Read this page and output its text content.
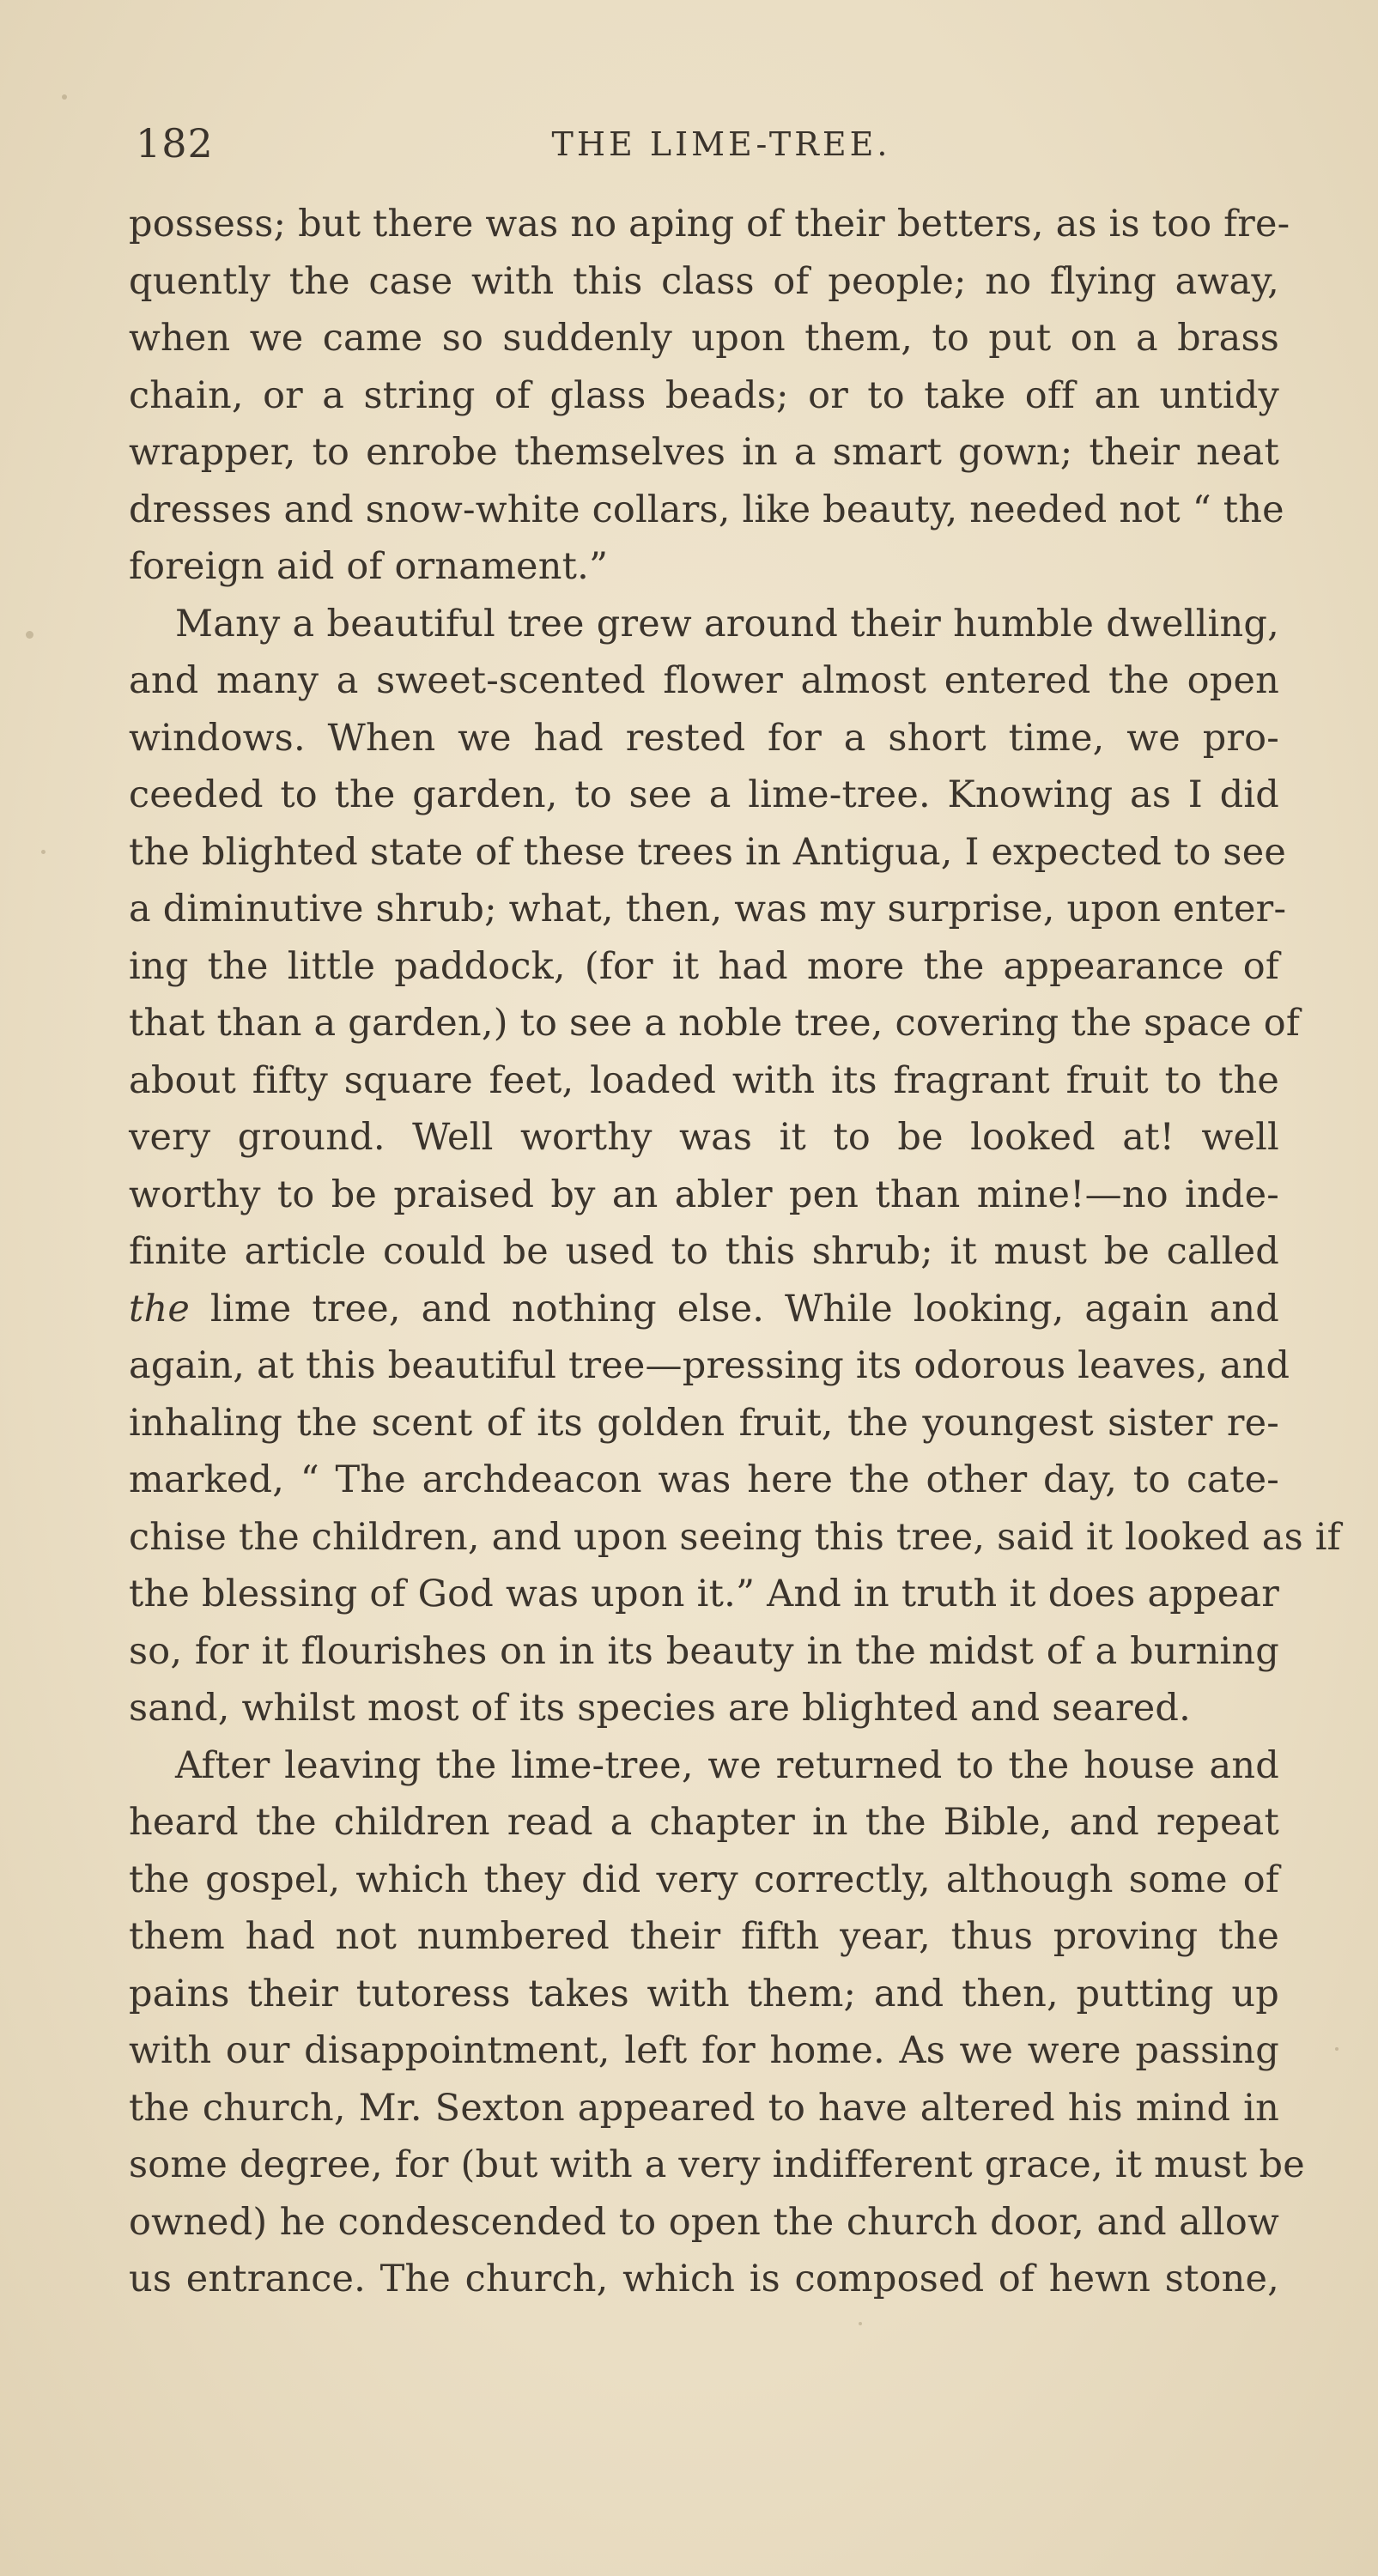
182	THE LIME-TREE.
possess; but there was no aping of their betters, as is too fre-
quently the case with this class of people; no flying away,
when we came so suddenly upon them, to put on a brass
chain, or a string of glass beads; or to take off an untidy
wrapper, to enrobe themselves in a smart gown; their neat
dresses and snow-white collars, like beauty, needed not “ the
foreign aid of ornament.”
Many a beautiful tree grew around their humble dwelling,
and many a sweet-scented flower almost entered the open
windows. When we had rested for a short time, we pro-
ceeded to the garden, to see a lime-tree. Knowing as I did
the blighted state of these trees in Antigua, I expected to see
a diminutive shrub; what, then, was my surprise, upon enter-
ing the little paddock, (for it had more the appearance of
that than a garden,) to see a noble tree, covering the space of
about fifty square feet, loaded with its fragrant fruit to the
very ground. Well worthy was it to be looked at! well
worthy to be praised by an abler pen than mine!—no inde-
finite article could be used to this shrub; it must be called
the lime tree, and nothing else. While looking, again and
again, at this beautiful tree—pressing its odorous leaves, and
inhaling the scent of its golden fruit, the youngest sister re-
marked, “ The archdeacon was here the other day, to cate-
chise the children, and upon seeing this tree, said it looked as if
the blessing of God was upon it.” And in truth it does appear
so, for it flourishes on in its beauty in the midst of a burning
sand, whilst most of its species are blighted and seared.
After leaving the lime-tree, we returned to the house and
heard the children read a chapter in the Bible, and repeat
the gospel, which they did very correctly, although some of
them had not numbered their fifth year, thus proving the
pains their tutoress takes with them; and then, putting up
with our disappointment, left for home. As we were passing
the church, Mr. Sexton appeared to have altered his mind in
some degree, for (but with a very indifferent grace, it must be
owned) he condescended to open the church door, and allow
us entrance. The church, which is composed of hewn stone,
